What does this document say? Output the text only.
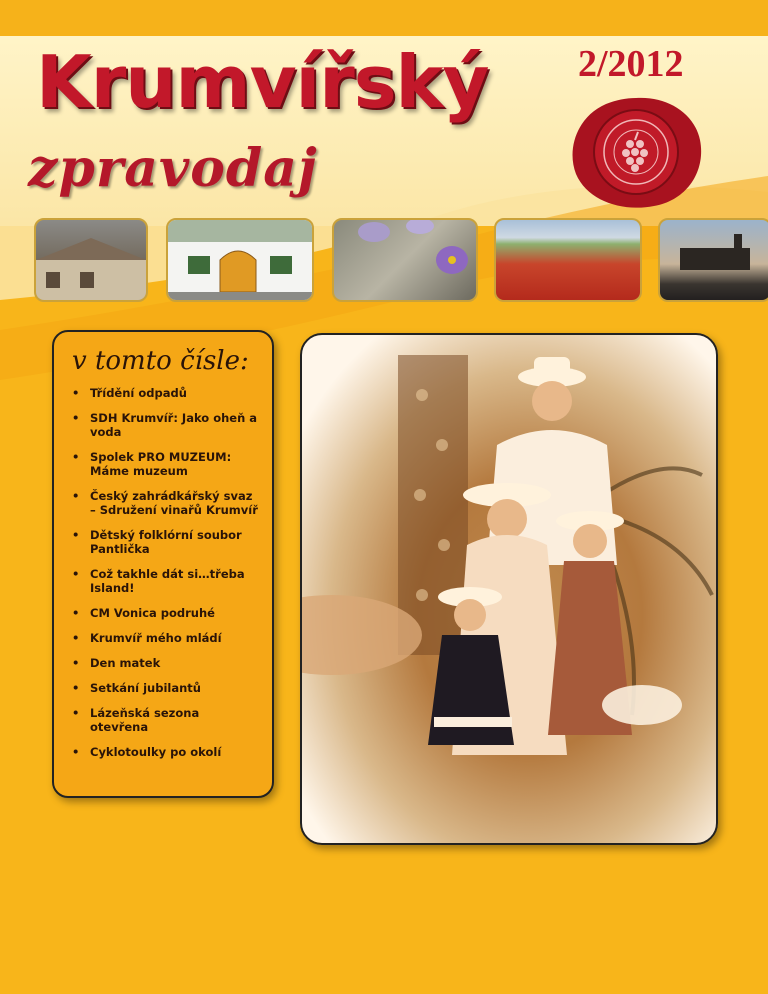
Krumvířský
zpravodaj
2/2012
v tomto čísle:
• Třídění odpadů
• SDH Krumvíř: Jako oheň a voda
• Spolek PRO MUZEUM: Máme muzeum
• Český zahrádkářský svaz – Sdružení vinařů Krumvíř
• Dětský folklórní soubor Pantlička
• Což takhle dát si…třeba Island!
• CM Vonica podruhé
• Krumvíř mého mládí
• Den matek
• Setkání jubilantů
• Lázeňská sezona otevřena
• Cyklotoulky po okolí
